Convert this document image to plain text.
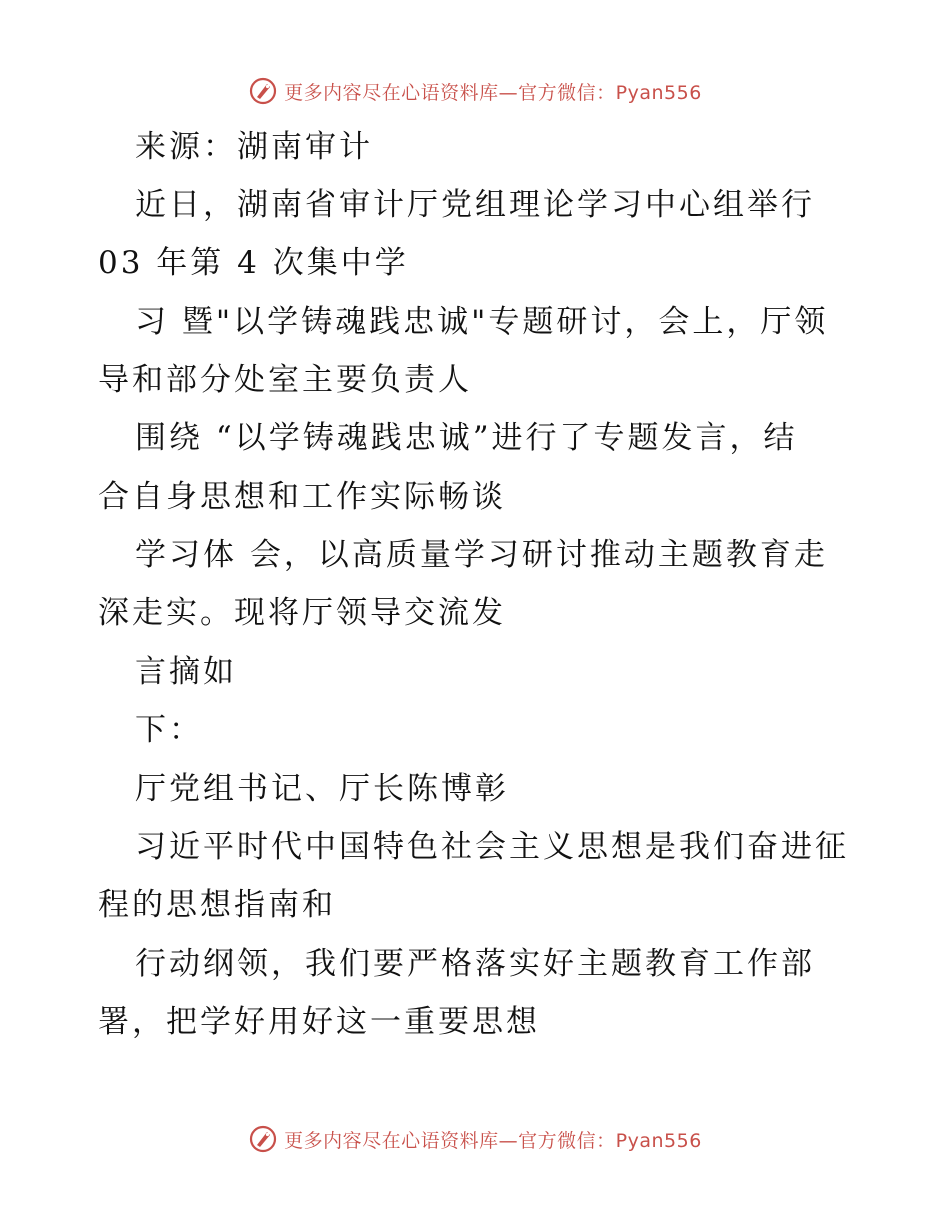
更多内容尽在心语资料库—官方微信：Pyan556
来源：湖南审计
近日，湖南省审计厅党组理论学习中心组举行
03 年第 4 次集中学
习 暨"以学铸魂践忠诚"专题研讨，会上，厅领
导和部分处室主要负责人
围绕 “以学铸魂践忠诚”进行了专题发言，结
合自身思想和工作实际畅谈
学习体 会，以高质量学习研讨推动主题教育走
深走实。现将厅领导交流发
言摘如
下：
厅党组书记、厅长陈博彰
习近平时代中国特色社会主义思想是我们奋进征
程的思想指南和
行动纲领，我们要严格落实好主题教育工作部
署，把学好用好这一重要思想
更多内容尽在心语资料库—官方微信：Pyan556
